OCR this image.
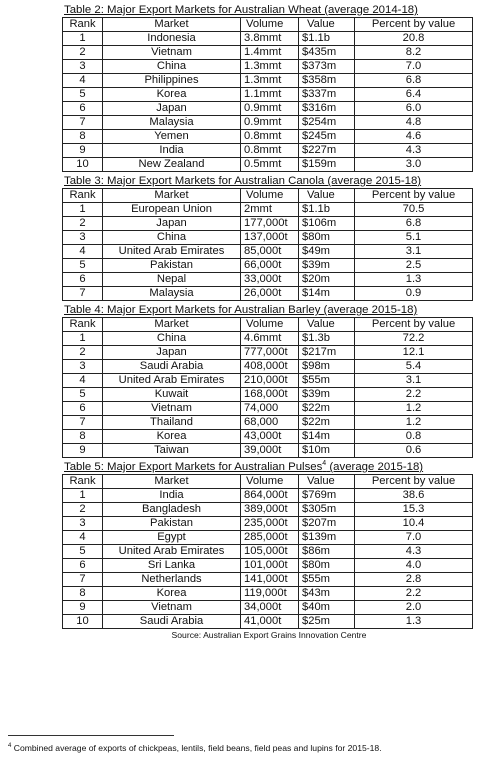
Table 2: Major Export Markets for Australian Wheat (average 2014-18)
Rank	Market	Volume	Value	Percent by value
1	Indonesia	3.8mmt	$1.1b	20.8
2	Vietnam	1.4mmt	$435m	8.2
3	China	1.3mmt	$373m	7.0
4	Philippines	1.3mmt	$358m	6.8
5	Korea	1.1mmt	$337m	6.4
6	Japan	0.9mmt	$316m	6.0
7	Malaysia	0.9mmt	$254m	4.8
8	Yemen	0.8mmt	$245m	4.6
9	India	0.8mmt	$227m	4.3
10	New Zealand	0.5mmt	$159m	3.0
Table 3: Major Export Markets for Australian Canola (average 2015-18)
Rank	Market	Volume	Value	Percent by value
1	European Union	2mmt	$1.1b	70.5
2	Japan	177,000t	$106m	6.8
3	China	137,000t	$80m	5.1
4	United Arab Emirates	85,000t	$49m	3.1
5	Pakistan	66,000t	$39m	2.5
6	Nepal	33,000t	$20m	1.3
7	Malaysia	26,000t	$14m	0.9
Table 4: Major Export Markets for Australian Barley (average 2015-18)
Rank	Market	Volume	Value	Percent by value
1	China	4.6mmt	$1.3b	72.2
2	Japan	777,000t	$217m	12.1
3	Saudi Arabia	408,000t	$98m	5.4
4	United Arab Emirates	210,000t	$55m	3.1
5	Kuwait	168,000t	$39m	2.2
6	Vietnam	74,000	$22m	1.2
7	Thailand	68,000	$22m	1.2
8	Korea	43,000t	$14m	0.8
9	Taiwan	39,000t	$10m	0.6
Table 5: Major Export Markets for Australian Pulses$^4$ (average 2015-18)
Rank	Market	Volume	Value	Percent by value
1	India	864,000t	$769m	38.6
2	Bangladesh	389,000t	$305m	15.3
3	Pakistan	235,000t	$207m	10.4
4	Egypt	285,000t	$139m	7.0
5	United Arab Emirates	105,000t	$86m	4.3
6	Sri Lanka	101,000t	$80m	4.0
7	Netherlands	141,000t	$55m	2.8
8	Korea	119,000t	$43m	2.2
9	Vietnam	34,000t	$40m	2.0
10	Saudi Arabia	41,000t	$25m	1.3
Source: Australian Export Grains Innovation Centre
$^4$ Combined average of exports of chickpeas, lentils, field beans, field peas and lupins for 2015-18.
